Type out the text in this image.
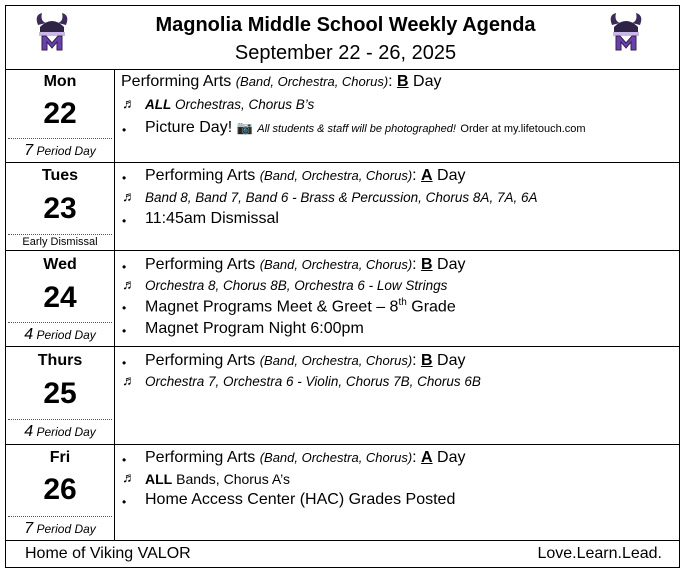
Magnolia Middle School Weekly Agenda
September 22 - 26, 2025
Mon
22
7 Period Day
Performing Arts (Band, Orchestra, Chorus): B Day
♬ ALL Orchestras, Chorus B’s
• Picture Day! 📷 All students & staff will be photographed! Order at my.lifetouch.com
Tues
23
Early Dismissal
• Performing Arts (Band, Orchestra, Chorus): A Day
♬ Band 8, Band 7, Band 6 - Brass & Percussion, Chorus 8A, 7A, 6A
• 11:45am Dismissal
Wed
24
4 Period Day
• Performing Arts (Band, Orchestra, Chorus): B Day
♬ Orchestra 8, Chorus 8B, Orchestra 6 - Low Strings
• Magnet Programs Meet & Greet – 8th Grade
• Magnet Program Night 6:00pm
Thurs
25
4 Period Day
• Performing Arts (Band, Orchestra, Chorus): B Day
♬ Orchestra 7, Orchestra 6 - Violin, Chorus 7B, Chorus 6B
Fri
26
7 Period Day
• Performing Arts (Band, Orchestra, Chorus): A Day
♬ ALL Bands, Chorus A’s
• Home Access Center (HAC) Grades Posted
Home of Viking VALOR	Love.Learn.Lead.
